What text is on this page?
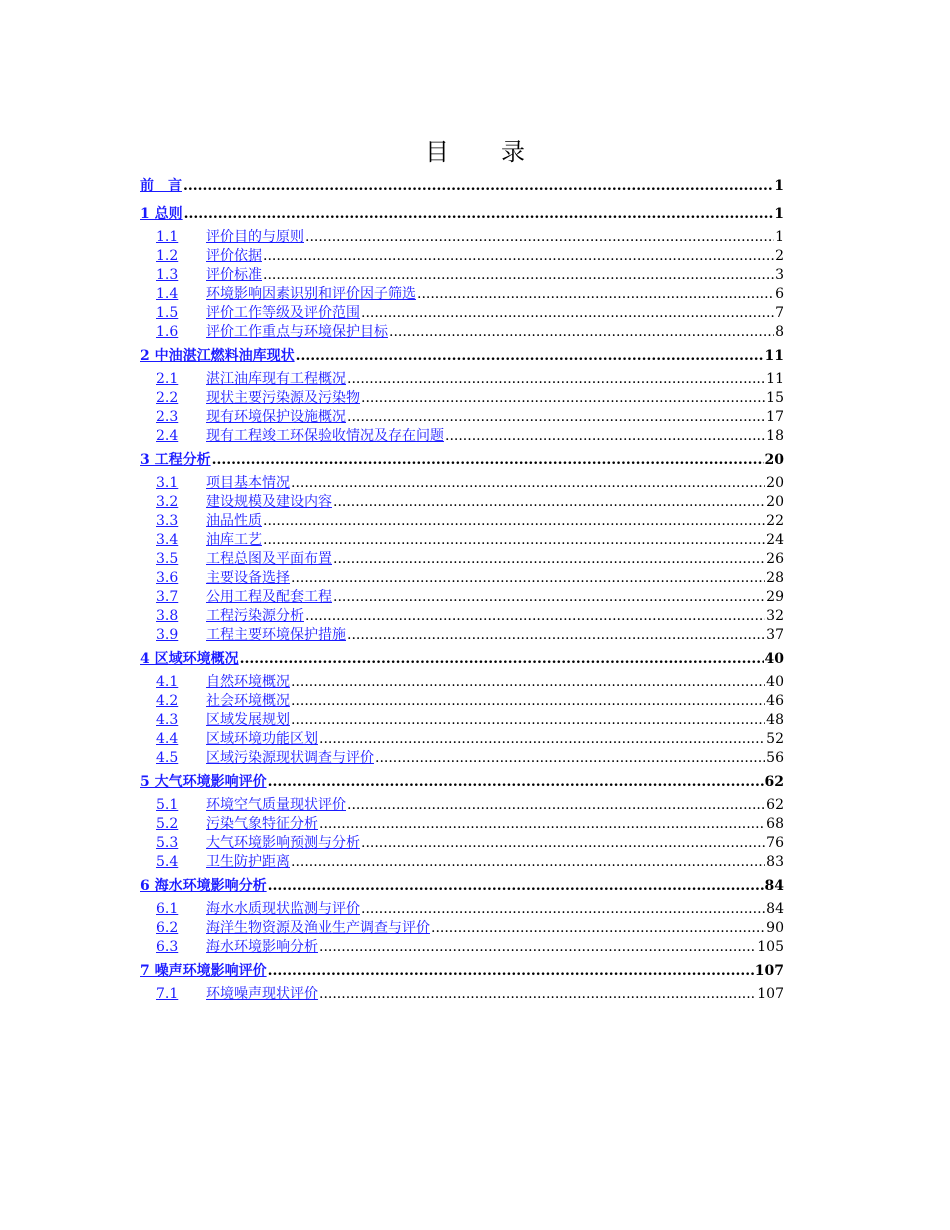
目　录
前　言 .....	1
1 总则 .....	1
1.1	评价目的与原则 .....	1
1.2	评价依据 .....	2
1.3	评价标准 .....	3
1.4	环境影响因素识别和评价因子筛选 .....	6
1.5	评价工作等级及评价范围 .....	7
1.6	评价工作重点与环境保护目标 .....	8
2 中油湛江燃料油库现状 .....	11
2.1	湛江油库现有工程概况 .....	11
2.2	现状主要污染源及污染物 .....	15
2.3	现有环境保护设施概况 .....	17
2.4	现有工程竣工环保验收情况及存在问题 .....	18
3 工程分析 .....	20
3.1	项目基本情况 .....	20
3.2	建设规模及建设内容 .....	20
3.3	油品性质 .....	22
3.4	油库工艺 .....	24
3.5	工程总图及平面布置 .....	26
3.6	主要设备选择 .....	28
3.7	公用工程及配套工程 .....	29
3.8	工程污染源分析 .....	32
3.9	工程主要环境保护措施 .....	37
4 区域环境概况 .....	40
4.1	自然环境概况 .....	40
4.2	社会环境概况 .....	46
4.3	区域发展规划 .....	48
4.4	区域环境功能区划 .....	52
4.5	区域污染源现状调查与评价 .....	56
5 大气环境影响评价 .....	62
5.1	环境空气质量现状评价 .....	62
5.2	污染气象特征分析 .....	68
5.3	大气环境影响预测与分析 .....	76
5.4	卫生防护距离 .....	83
6 海水环境影响分析 .....	84
6.1	海水水质现状监测与评价 .....	84
6.2	海洋生物资源及渔业生产调查与评价 .....	90
6.3	海水环境影响分析 .....	105
7 噪声环境影响评价 .....	107
7.1	环境噪声现状评价 .....	107
